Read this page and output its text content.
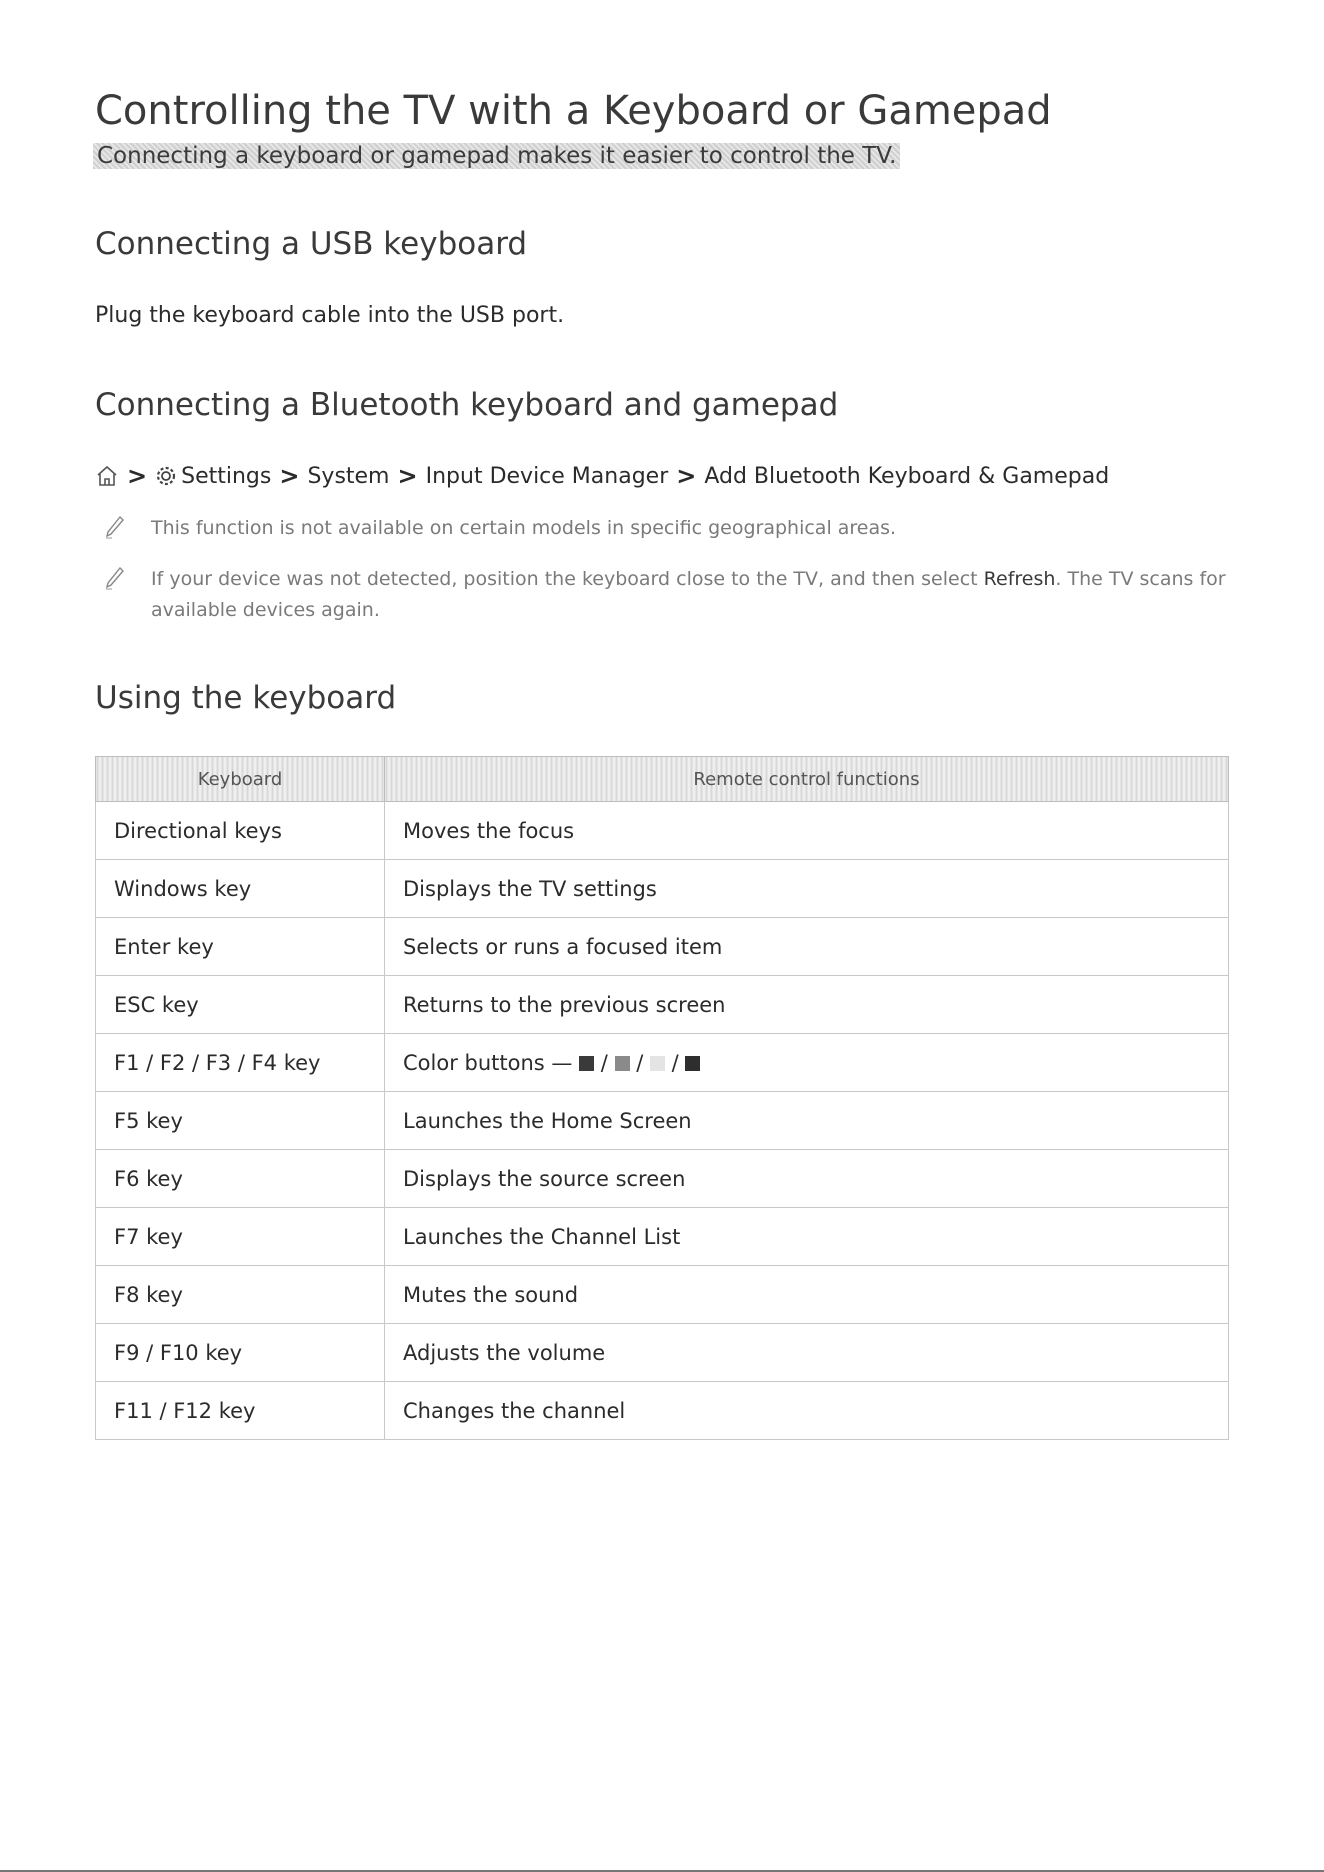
Controlling the TV with a Keyboard or Gamepad

Connecting a keyboard or gamepad makes it easier to control the TV.

Connecting a USB keyboard

Plug the keyboard cable into the USB port.

Connecting a Bluetooth keyboard and gamepad
> Settings > System > Input Device Manager > Add Bluetooth Keyboard & Gamepad
This function is not available on certain models in specific geographical areas.
If your device was not detected, position the keyboard close to the TV, and then select Refresh. The TV scans for available devices again.
Using the keyboard
Keyboard	Remote control functions
Directional keys	Moves the focus
Windows key	Displays the TV settings
Enter key	Selects or runs a focused item
ESC key	Returns to the previous screen
F1 / F2 / F3 / F4 key	Color buttons — / / /
F5 key	Launches the Home Screen
F6 key	Displays the source screen
F7 key	Launches the Channel List
F8 key	Mutes the sound
F9 / F10 key	Adjusts the volume
F11 / F12 key	Changes the channel
